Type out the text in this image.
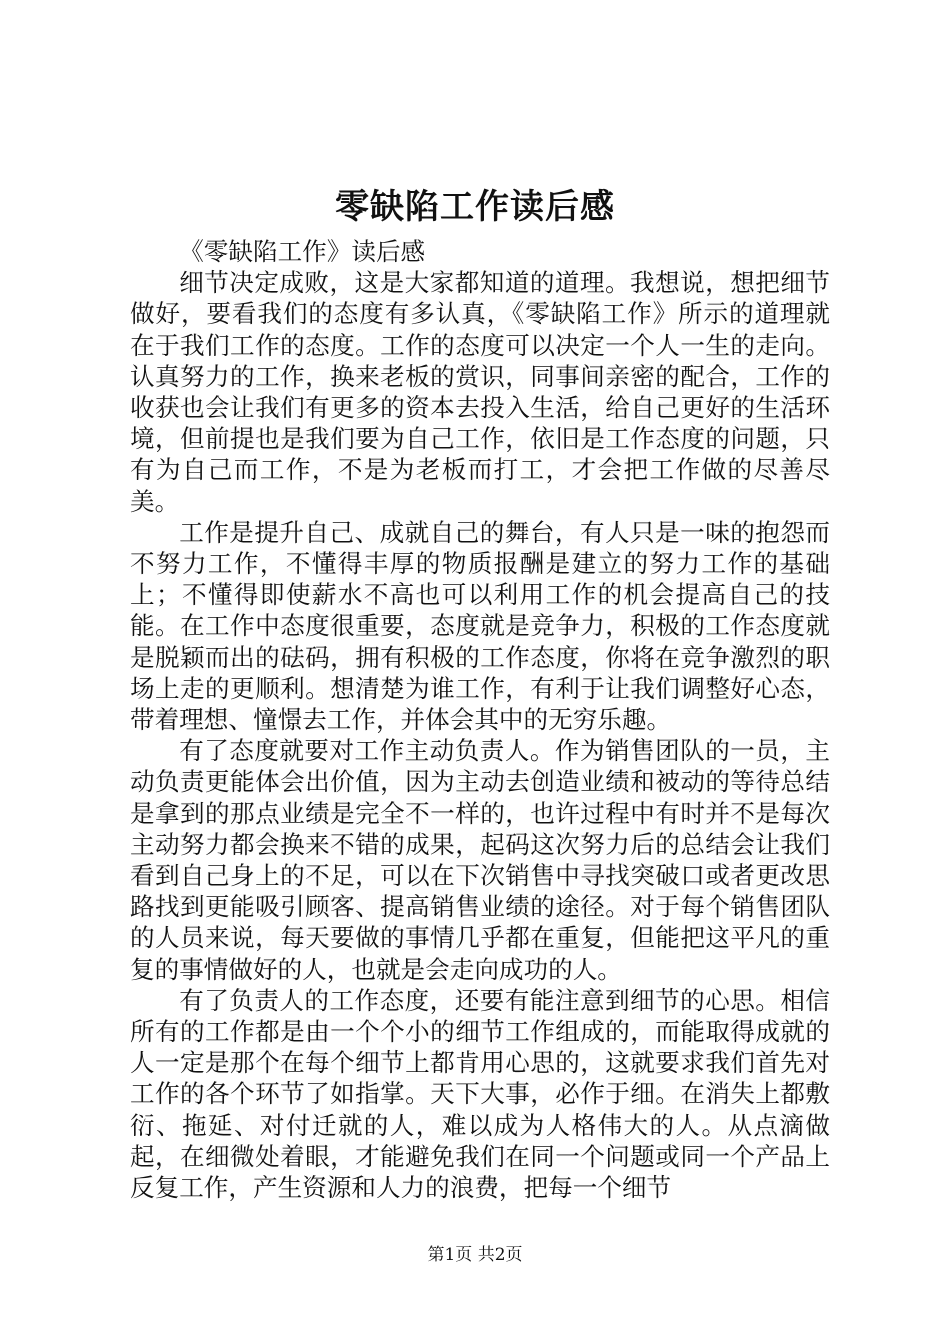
零缺陷工作读后感

《零缺陷工作》读后感

细节决定成败，这是大家都知道的道理。我想说，想把细节做好，要看我们的态度有多认真，《零缺陷工作》所示的道理就在于我们工作的态度。工作的态度可以决定一个人一生的走向。认真努力的工作，换来老板的赏识，同事间亲密的配合，工作的收获也会让我们有更多的资本去投入生活，给自己更好的生活环境，但前提也是我们要为自己工作，依旧是工作态度的问题，只有为自己而工作，不是为老板而打工，才会把工作做的尽善尽美。

工作是提升自己、成就自己的舞台，有人只是一味的抱怨而不努力工作，不懂得丰厚的物质报酬是建立的努力工作的基础上；不懂得即使薪水不高也可以利用工作的机会提高自己的技能。在工作中态度很重要，态度就是竞争力，积极的工作态度就是脱颖而出的砝码，拥有积极的工作态度，你将在竞争激烈的职场上走的更顺利。想清楚为谁工作，有利于让我们调整好心态，带着理想、憧憬去工作，并体会其中的无穷乐趣。

有了态度就要对工作主动负责人。作为销售团队的一员，主动负责更能体会出价值，因为主动去创造业绩和被动的等待总结是拿到的那点业绩是完全不一样的，也许过程中有时并不是每次主动努力都会换来不错的成果，起码这次努力后的总结会让我们看到自己身上的不足，可以在下次销售中寻找突破口或者更改思路找到更能吸引顾客、提高销售业绩的途径。对于每个销售团队的人员来说，每天要做的事情几乎都在重复，但能把这平凡的重复的事情做好的人，也就是会走向成功的人。

有了负责人的工作态度，还要有能注意到细节的心思。相信所有的工作都是由一个个小的细节工作组成的，而能取得成就的人一定是那个在每个细节上都肯用心思的，这就要求我们首先对工作的各个环节了如指掌。天下大事，必作于细。在消失上都敷衍、拖延、对付迁就的人，难以成为人格伟大的人。从点滴做起，在细微处着眼，才能避免我们在同一个问题或同一个产品上反复工作，产生资源和人力的浪费，把每一个细节

第1页 共2页
